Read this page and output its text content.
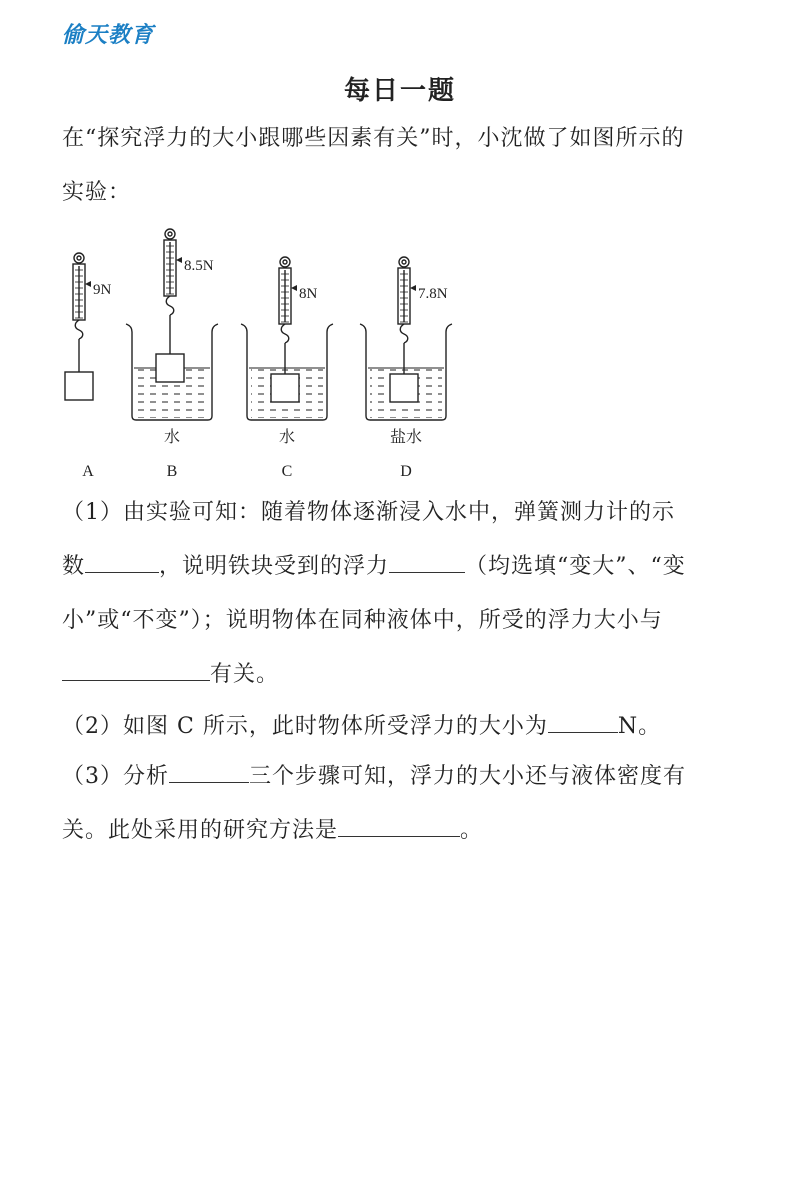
偷天教育
每日一题
在“探究浮力的大小跟哪些因素有关”时，小沈做了如图所示的
实验：
9N
A
8.5N
水
B
8N
水
C
7.8N
盐水
D
（1）由实验可知：随着物体逐渐浸入水中，弹簧测力计的示
数	，说明铁块受到的浮力	（均选填“变大”、“变
小”或“不变”）；说明物体在同种液体中，所受的浮力大小与
有关。
（2）如图 C 所示，此时物体所受浮力的大小为	N。
（3）分析	三个步骤可知，浮力的大小还与液体密度有
关。此处采用的研究方法是	。
